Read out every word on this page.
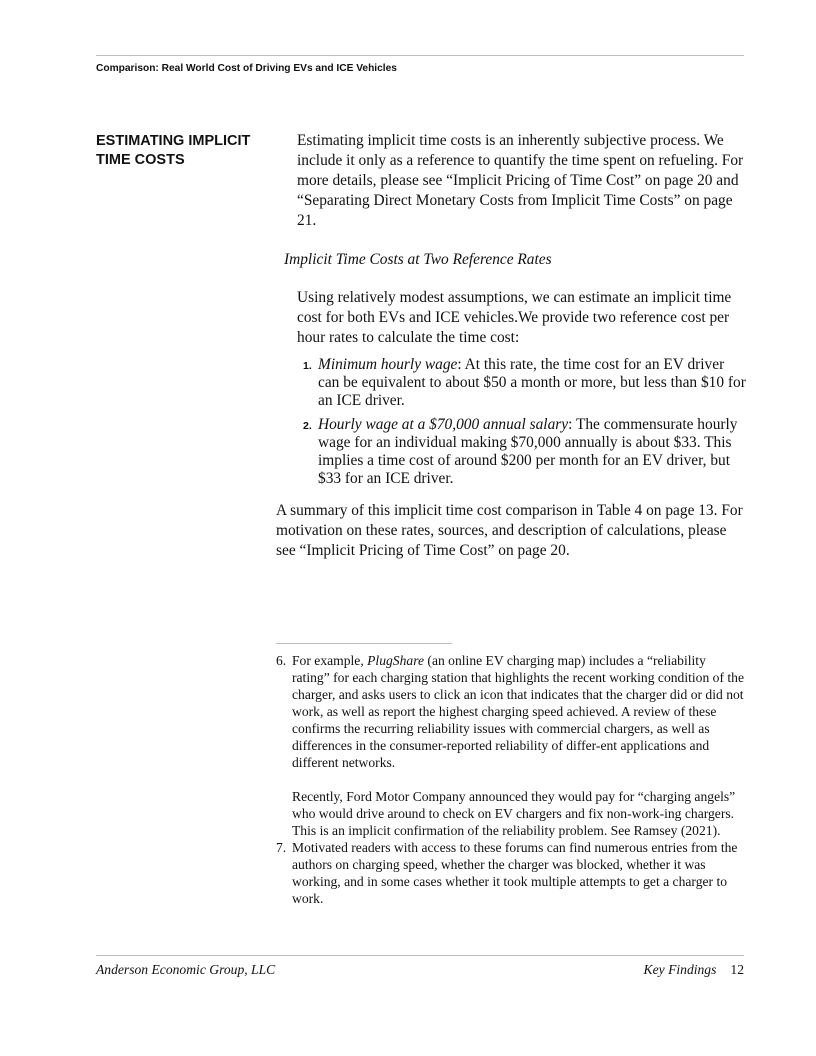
Comparison: Real World Cost of Driving EVs and ICE Vehicles
ESTIMATING IMPLICIT
TIME COSTS

Estimating implicit time costs is an inherently subjective process. We include it only as a reference to quantify the time spent on refueling. For more details, please see “Implicit Pricing of Time Cost” on page 20 and “Separating Direct Monetary Costs from Implicit Time Costs” on page 21.

Implicit Time Costs at Two Reference Rates

Using relatively modest assumptions, we can estimate an implicit time cost for both EVs and ICE vehicles.We provide two reference cost per hour rates to calculate the time cost:

1. Minimum hourly wage: At this rate, the time cost for an EV driver can be equivalent to about $50 a month or more, but less than $10 for an ICE driver.
2. Hourly wage at a $70,000 annual salary: The commensurate hourly wage for an individual making $70,000 annually is about $33. This implies a time cost of around $200 per month for an EV driver, but $33 for an ICE driver.

A summary of this implicit time cost comparison in Table 4 on page 13. For motivation on these rates, sources, and description of calculations, please see “Implicit Pricing of Time Cost” on page 20.

6. For example, PlugShare (an online EV charging map) includes a “reliability rating” for each charging station that highlights the recent working condition of the charger, and asks users to click an icon that indicates that the charger did or did not work, as well as report the highest charging speed achieved. A review of these confirms the recurring reliability issues with commercial chargers, as well as differences in the consumer-reported reliability of differ-ent applications and different networks.
Recently, Ford Motor Company announced they would pay for “charging angels” who would drive around to check on EV chargers and fix non-work-ing chargers. This is an implicit confirmation of the reliability problem. See Ramsey (2021).
7. Motivated readers with access to these forums can find numerous entries from the authors on charging speed, whether the charger was blocked, whether it was working, and in some cases whether it took multiple attempts to get a charger to work.
Anderson Economic Group, LLC	Key Findings 12
